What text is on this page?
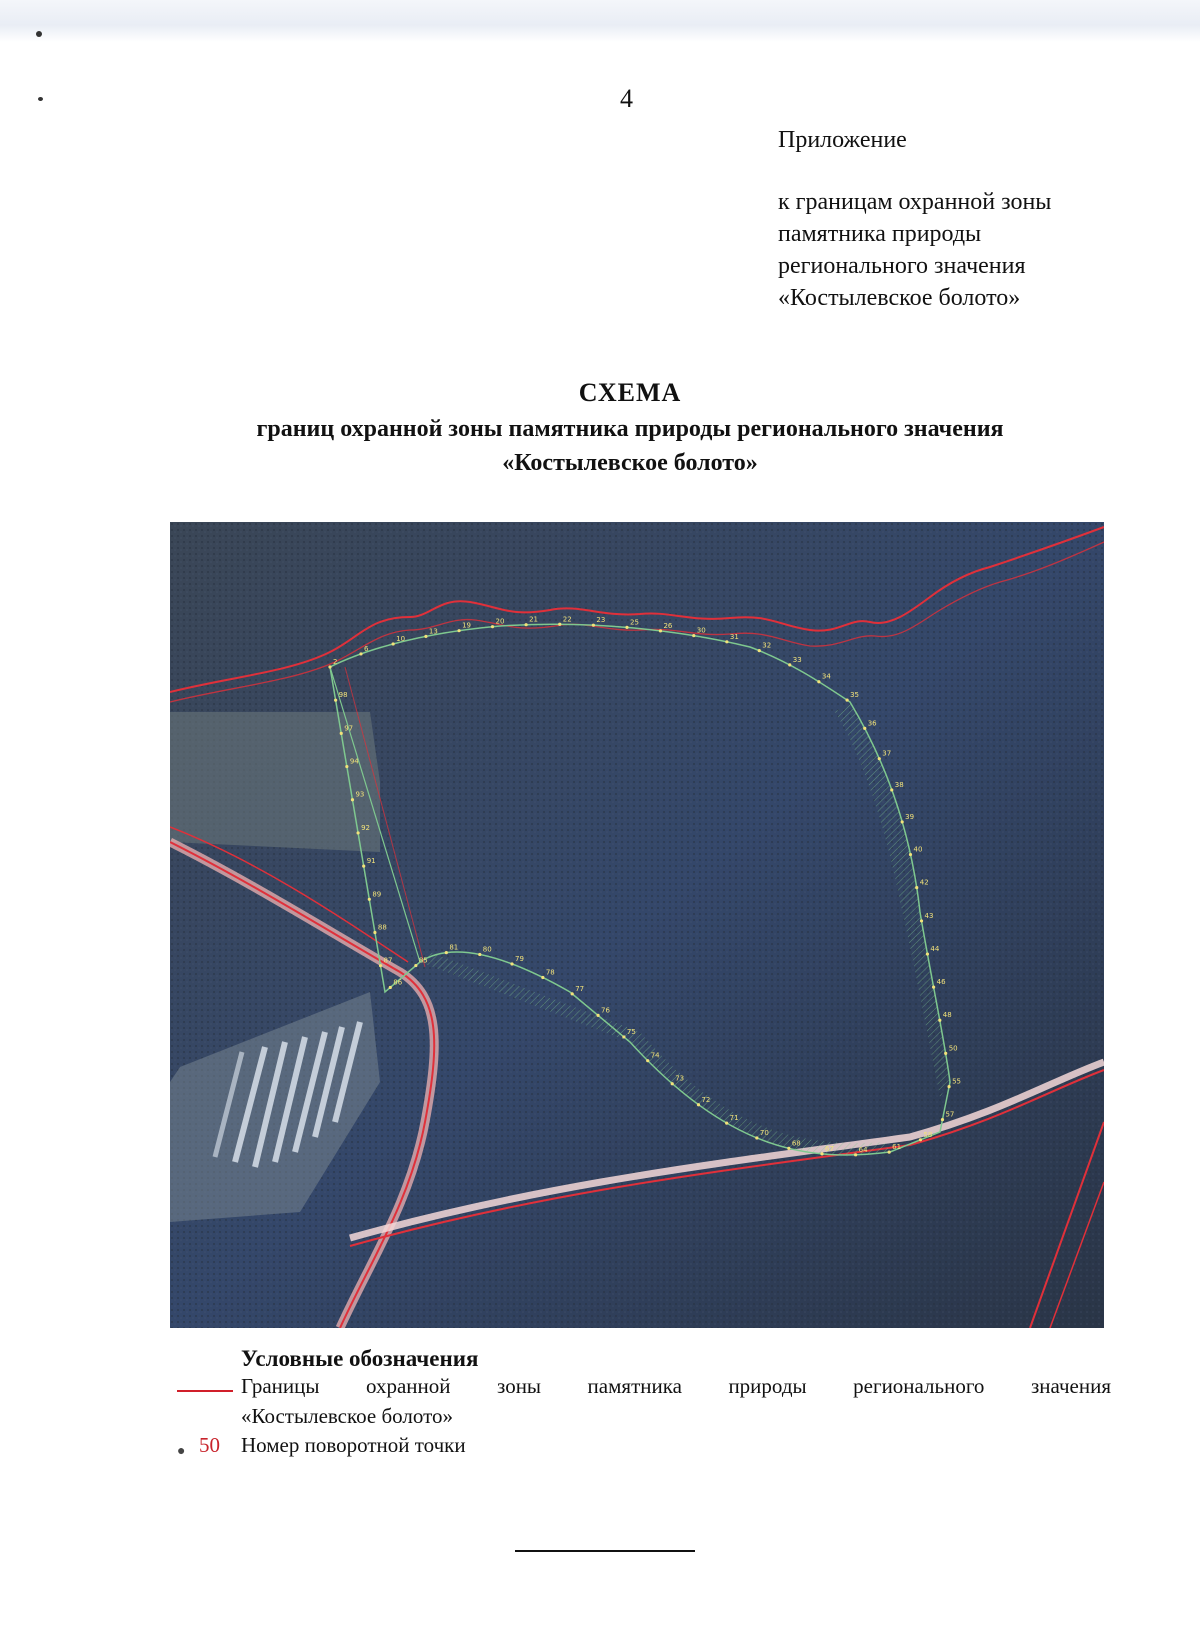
4
Приложение
к границам охранной зоны
памятника природы
регионального значения
«Костылевское болото»
СХЕМА
границ охранной зоны памятника природы регионального значения
«Костылевское болото»
2
6
10
13
19	20	21	22	23	25	26
30
31
32
33
34
35
36
37
38
39
40
42
43
44
46
48
50
55
57
58
61
64
67
68
70
71
72
73
74
75
76
77
78
79
80
81
85
86
87
88
89
91
92
93
94
97
98
Условные обозначения
Границы охранной зоны памятника природы регионального значения
«Костылевское болото»
● 50 Номер поворотной точки
